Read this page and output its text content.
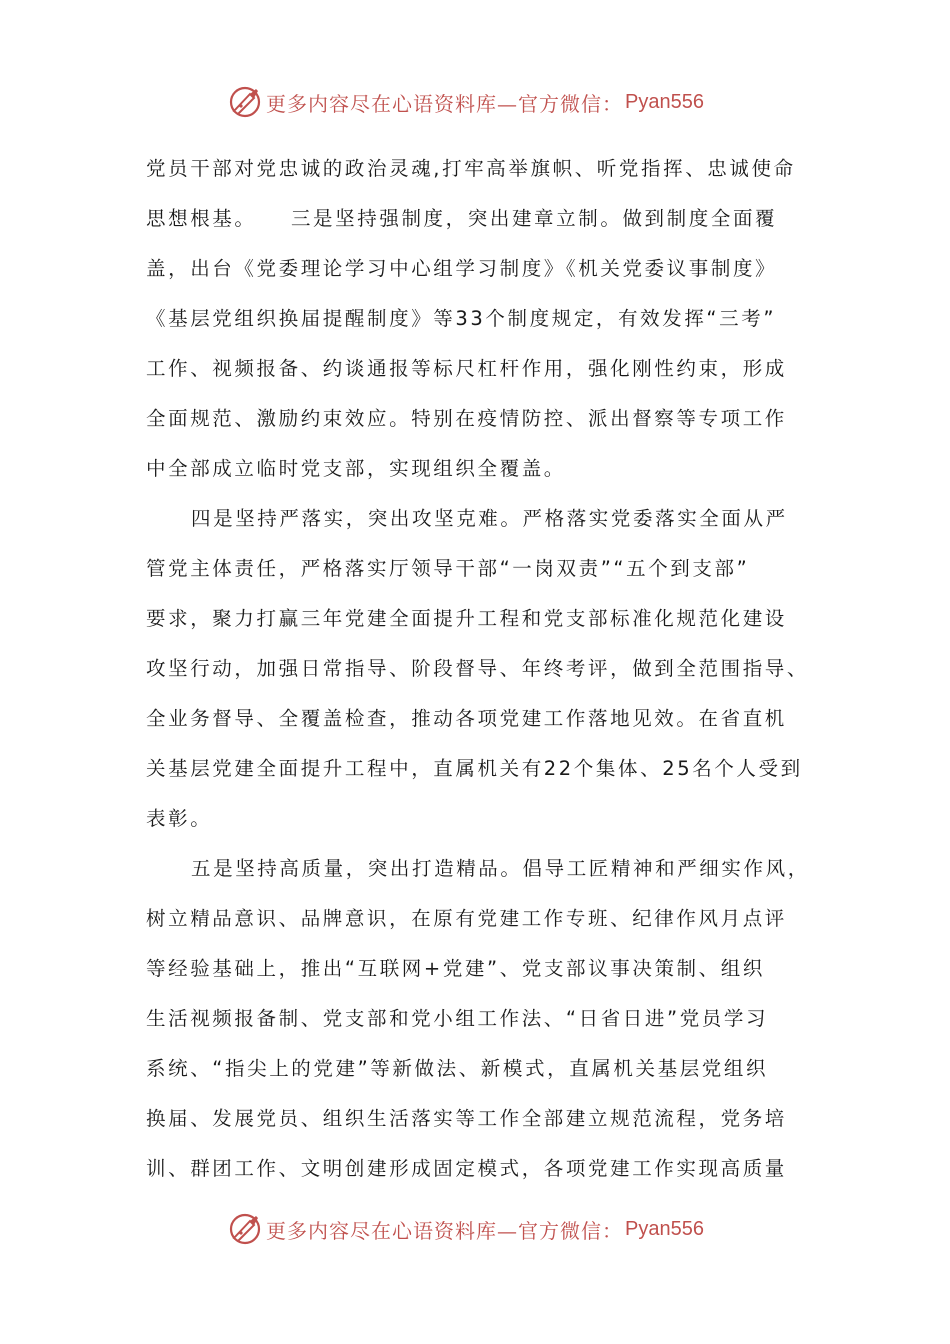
更多内容尽在心语资料库—官方微信： Pyan556
党员干部对党忠诚的政治灵魂,打牢高举旗帜、听党指挥、忠诚使命
思想根基。　　三是坚持强制度，突出建章立制。做到制度全面覆
盖，出台《党委理论学习中心组学习制度》《机关党委议事制度》
《基层党组织换届提醒制度》等33个制度规定，有效发挥“三考”
工作、视频报备、约谈通报等标尺杠杆作用，强化刚性约束，形成
全面规范、激励约束效应。特别在疫情防控、派出督察等专项工作
中全部成立临时党支部，实现组织全覆盖。
四是坚持严落实，突出攻坚克难。严格落实党委落实全面从严
管党主体责任，严格落实厅领导干部“一岗双责”“五个到支部”
要求，聚力打赢三年党建全面提升工程和党支部标准化规范化建设
攻坚行动，加强日常指导、阶段督导、年终考评，做到全范围指导、
全业务督导、全覆盖检查，推动各项党建工作落地见效。在省直机
关基层党建全面提升工程中，直属机关有22个集体、25名个人受到
表彰。
五是坚持高质量，突出打造精品。倡导工匠精神和严细实作风，
树立精品意识、品牌意识，在原有党建工作专班、纪律作风月点评
等经验基础上，推出“互联网+党建”、党支部议事决策制、组织
生活视频报备制、党支部和党小组工作法、“日省日进”党员学习
系统、“指尖上的党建”等新做法、新模式，直属机关基层党组织
换届、发展党员、组织生活落实等工作全部建立规范流程，党务培
训、群团工作、文明创建形成固定模式，各项党建工作实现高质量
更多内容尽在心语资料库—官方微信： Pyan556
